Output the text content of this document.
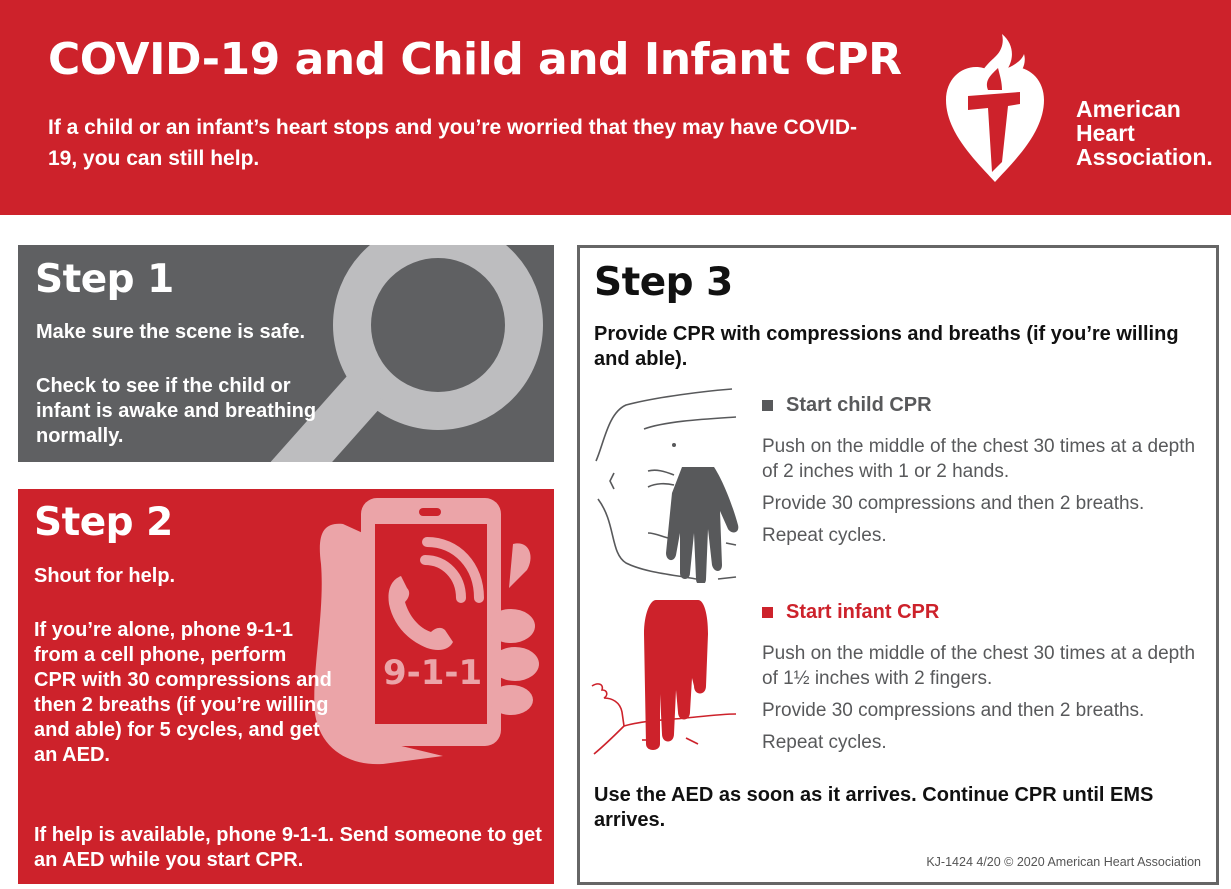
COVID-19 and Child and Infant CPR
If a child or an infant’s heart stops and you’re worried that they may have COVID-19, you can still help.
American
Heart
Association.
Step 1
Make sure the scene is safe.
Check to see if the child or infant is awake and breathing normally.
9-1-1
Step 2
Shout for help.
If you’re alone, phone 9-1-1 from a cell phone, perform CPR with 30 compressions and then 2 breaths (if you’re willing and able) for 5 cycles, and get an AED.
If help is available, phone 9-1-1. Send someone to get an AED while you start CPR.
Step 3
Provide CPR with compressions and breaths (if you’re willing and able).
Start child CPR

Push on the middle of the chest 30 times at a depth of 2 inches with 1 or 2 hands.

Provide 30 compressions and then 2 breaths.

Repeat cycles.

Start infant CPR

Push on the middle of the chest 30 times at a depth of 1½ inches with 2 fingers.

Provide 30 compressions and then 2 breaths.

Repeat cycles.

Use the AED as soon as it arrives. Continue CPR until EMS arrives.
KJ-1424 4/20 © 2020 American Heart Association
